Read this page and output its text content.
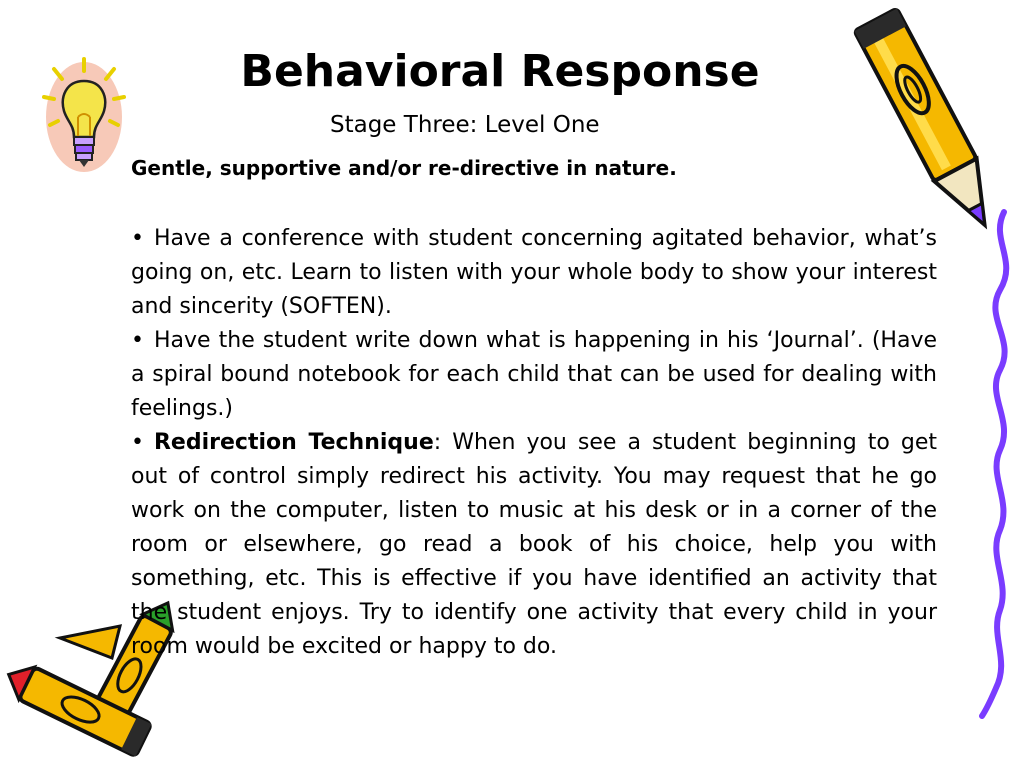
Behavioral Response
Stage Three: Level One
Gentle, supportive and/or re-directive in nature.

• Have a conference with student concerning agitated behavior, what’s going on, etc. Learn to listen with your whole body to show your interest and sincerity (SOFTEN).

• Have the student write down what is happening in his ‘Journal’. (Have a spiral bound notebook for each child that can be used for dealing with feelings.)

• Redirection Technique: When you see a student beginning to get out of control simply redirect his activity. You may request that he go work on the computer, listen to music at his desk or in a corner of the room or elsewhere, go read a book of his choice, help you with something, etc. This is effective if you have identified an activity that the student enjoys. Try to identify one activity that every child in your room would be excited or happy to do.
